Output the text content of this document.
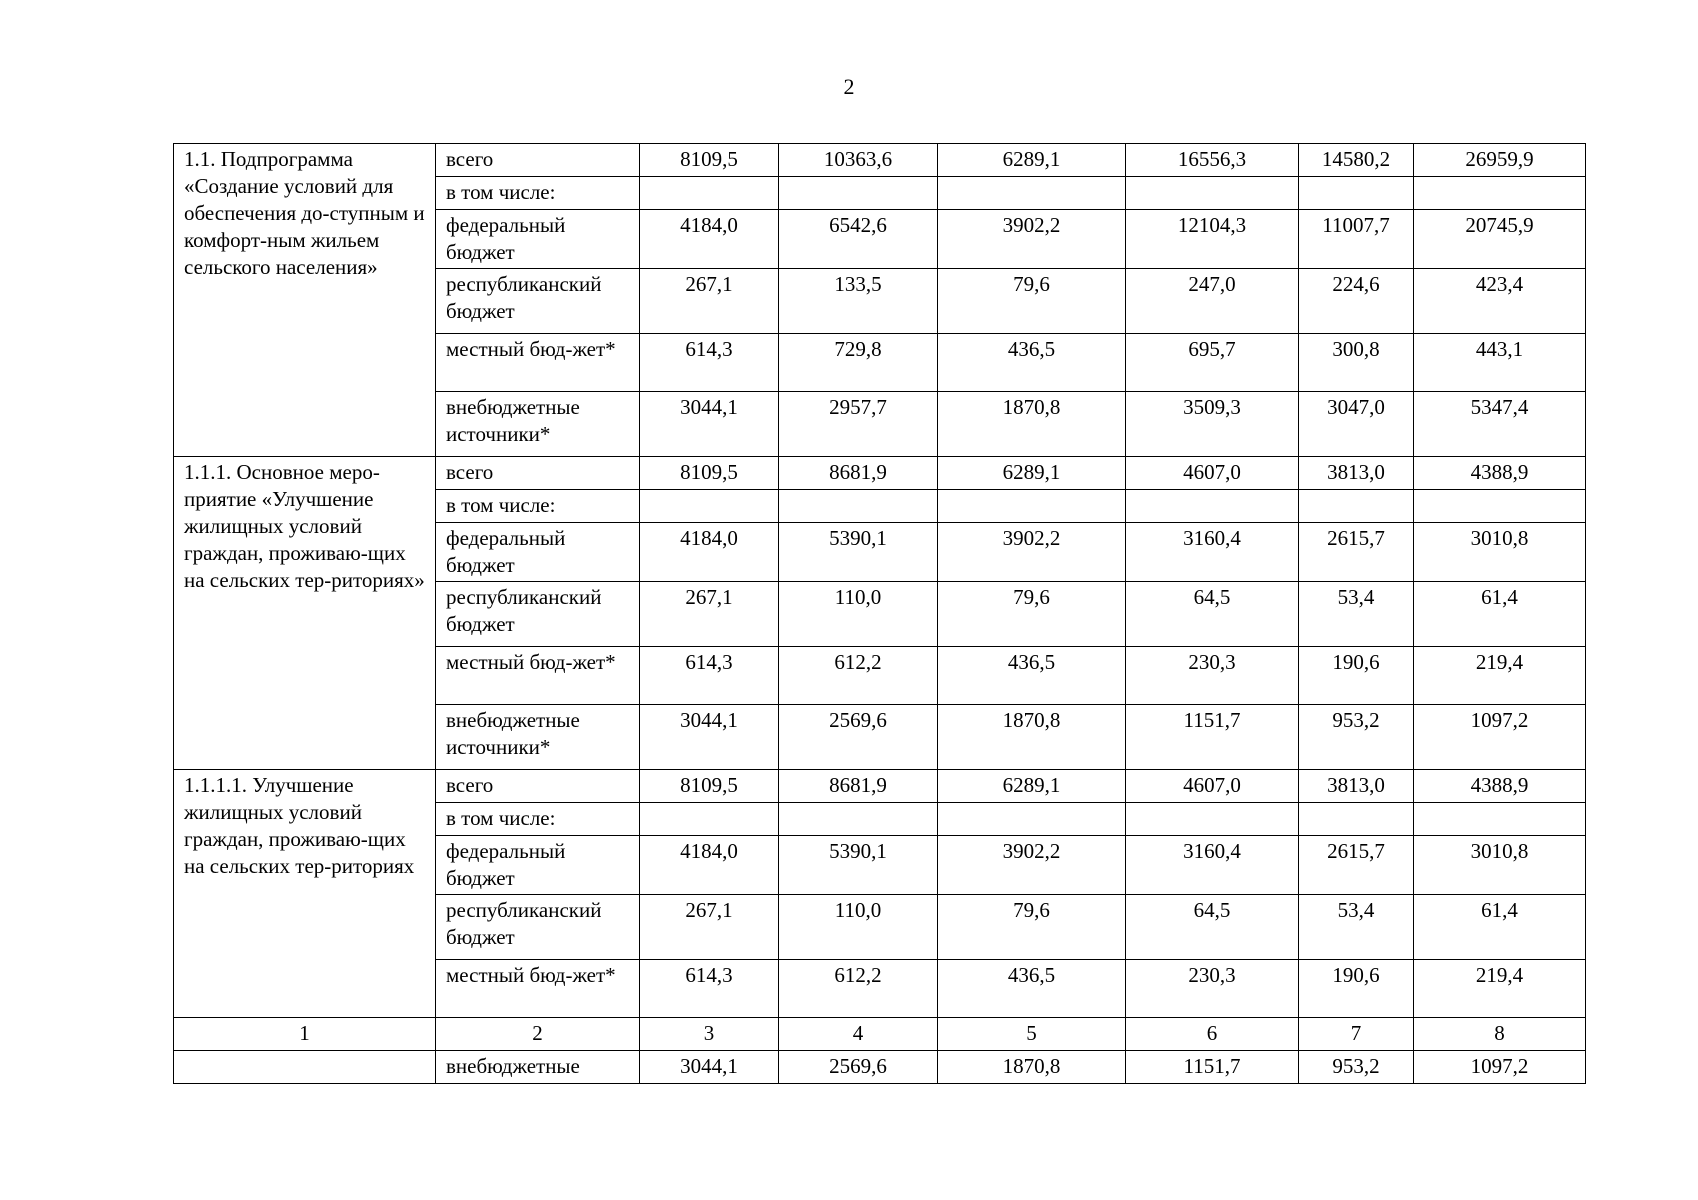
2
1.1. Подпрограмма «Создание условий для обеспечения до-ступным и комфорт-ным жильем сельского населения»	всего	8109,5	10363,6	6289,1	16556,3	14580,2	26959,9
	в том числе:						
	федеральный бюджет	4184,0	6542,6	3902,2	12104,3	11007,7	20745,9
	республиканский бюджет	267,1	133,5	79,6	247,0	224,6	423,4
	местный бюд-жет*	614,3	729,8	436,5	695,7	300,8	443,1
	внебюджетные источники*	3044,1	2957,7	1870,8	3509,3	3047,0	5347,4
1.1.1. Основное меро-приятие «Улучшение жилищных условий граждан, проживаю-щих на сельских тер-риториях»	всего	8109,5	8681,9	6289,1	4607,0	3813,0	4388,9
	в том числе:						
	федеральный бюджет	4184,0	5390,1	3902,2	3160,4	2615,7	3010,8
	республиканский бюджет	267,1	110,0	79,6	64,5	53,4	61,4
	местный бюд-жет*	614,3	612,2	436,5	230,3	190,6	219,4
	внебюджетные источники*	3044,1	2569,6	1870,8	1151,7	953,2	1097,2
1.1.1.1. Улучшение жилищных условий граждан, проживаю-щих на сельских тер-риториях	всего	8109,5	8681,9	6289,1	4607,0	3813,0	4388,9
	в том числе:						
	федеральный бюджет	4184,0	5390,1	3902,2	3160,4	2615,7	3010,8
	республиканский бюджет	267,1	110,0	79,6	64,5	53,4	61,4
	местный бюд-жет*	614,3	612,2	436,5	230,3	190,6	219,4
1	2	3	4	5	6	7	8
	внебюджетные	3044,1	2569,6	1870,8	1151,7	953,2	1097,2
